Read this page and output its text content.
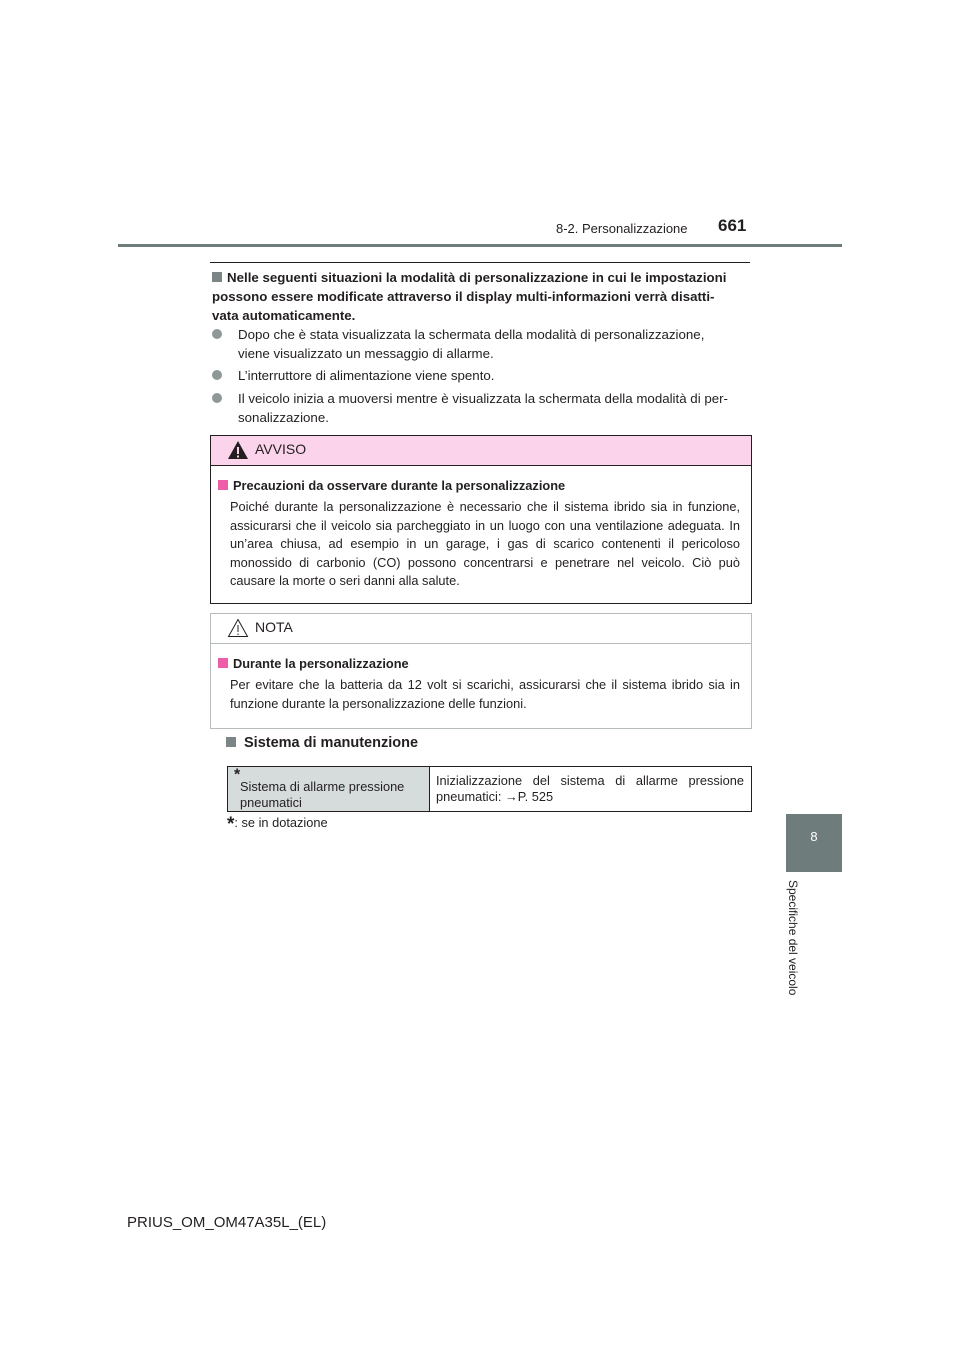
8-2. Personalizzazione 661
8
Specifiche del veicolo

Nelle seguenti situazioni la modalità di personalizzazione in cui le impostazioni

possono essere modificate attraverso il display multi-informazioni verrà disatti-

vata automaticamente.

Dopo che è stata visualizzata la schermata della modalità di personalizzazione,

viene visualizzato un messaggio di allarme.

L’interruttore di alimentazione viene spento.

Il veicolo inizia a muoversi mentre è visualizzata la schermata della modalità di per-

sonalizzazione.

AVVISO
Precauzioni da osservare durante la personalizzazione
Poiché durante la personalizzazione è necessario che il sistema ibrido sia in funzione, assicurarsi che il veicolo sia parcheggiato in un luogo con una ventilazione adeguata. In un’area chiusa, ad esempio in un garage, i gas di scarico contenenti il pericoloso monossido di carbonio (CO) possono concentrarsi e penetrare nel veicolo. Ciò può causare la morte o seri danni alla salute.
NOTA
Durante la personalizzazione
Per evitare che la batteria da 12 volt si scarichi, assicurarsi che il sistema ibrido sia in funzione durante la personalizzazione delle funzioni.
Sistema di manutenzione
Sistema di allarme pressione pneumatici
*	Inizializzazione del sistema di allarme pressione pneumatici: →P. 525
*: se in dotazione
PRIUS_OM_OM47A35L_(EL)
